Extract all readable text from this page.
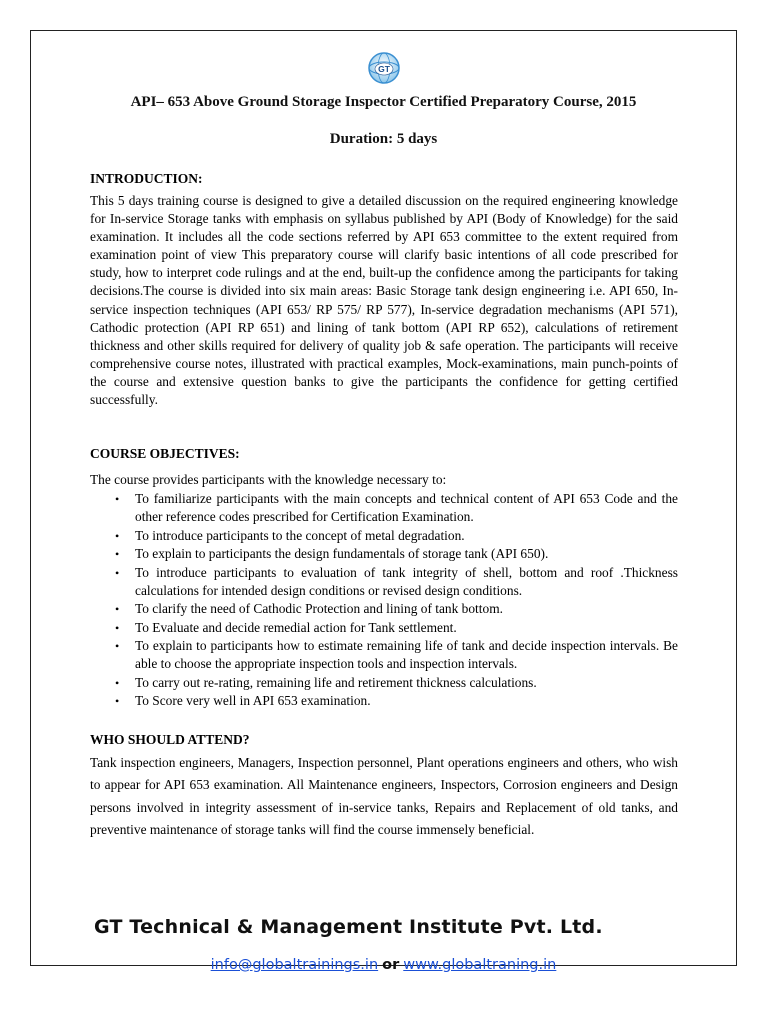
GT
API– 653 Above Ground Storage Inspector Certified Preparatory Course, 2015
Duration: 5 days

INTRODUCTION:

This 5 days training course is designed to give a detailed discussion on the required engineering knowledge for In-service Storage tanks with emphasis on syllabus published by API (Body of Knowledge) for the said examination. It includes all the code sections referred by API 653 committee to the extent required from examination point of view This preparatory course will clarify basic intentions of all code prescribed for study, how to interpret code rulings and at the end, built-up the confidence among the participants for taking decisions.The course is divided into six main areas: Basic Storage tank design engineering i.e. API 650, In-service inspection techniques (API 653/ RP 575/ RP 577), In-service degradation mechanisms (API 571), Cathodic protection (API RP 651) and lining of tank bottom (API RP 652), calculations of retirement thickness and other skills required for delivery of quality job & safe operation. The participants will receive comprehensive course notes, illustrated with practical examples, Mock-examinations, main punch-points of the course and extensive question banks to give the participants the confidence for getting certified successfully.

COURSE OBJECTIVES:

The course provides participants with the knowledge necessary to:

• To familiarize participants with the main concepts and technical content of API 653 Code and the other reference codes prescribed for Certification Examination.
• To introduce participants to the concept of metal degradation.
• To explain to participants the design fundamentals of storage tank (API 650).
• To introduce participants to evaluation of tank integrity of shell, bottom and roof .Thickness calculations for intended design conditions or revised design conditions.
• To clarify the need of Cathodic Protection and lining of tank bottom.
• To Evaluate and decide remedial action for Tank settlement.
• To explain to participants how to estimate remaining life of tank and decide inspection intervals. Be able to choose the appropriate inspection tools and inspection intervals.
• To carry out re-rating, remaining life and retirement thickness calculations.
• To Score very well in API 653 examination.

WHO SHOULD ATTEND?

Tank inspection engineers, Managers, Inspection personnel, Plant operations engineers and others, who wish to appear for API 653 examination. All Maintenance engineers, Inspectors, Corrosion engineers and Design persons involved in integrity assessment of in-service tanks, Repairs and Replacement of old tanks, and preventive maintenance of storage tanks will find the course immensely beneficial.

GT Technical & Management Institute Pvt. Ltd.
info@globaltrainings.in or www.globaltraning.in
